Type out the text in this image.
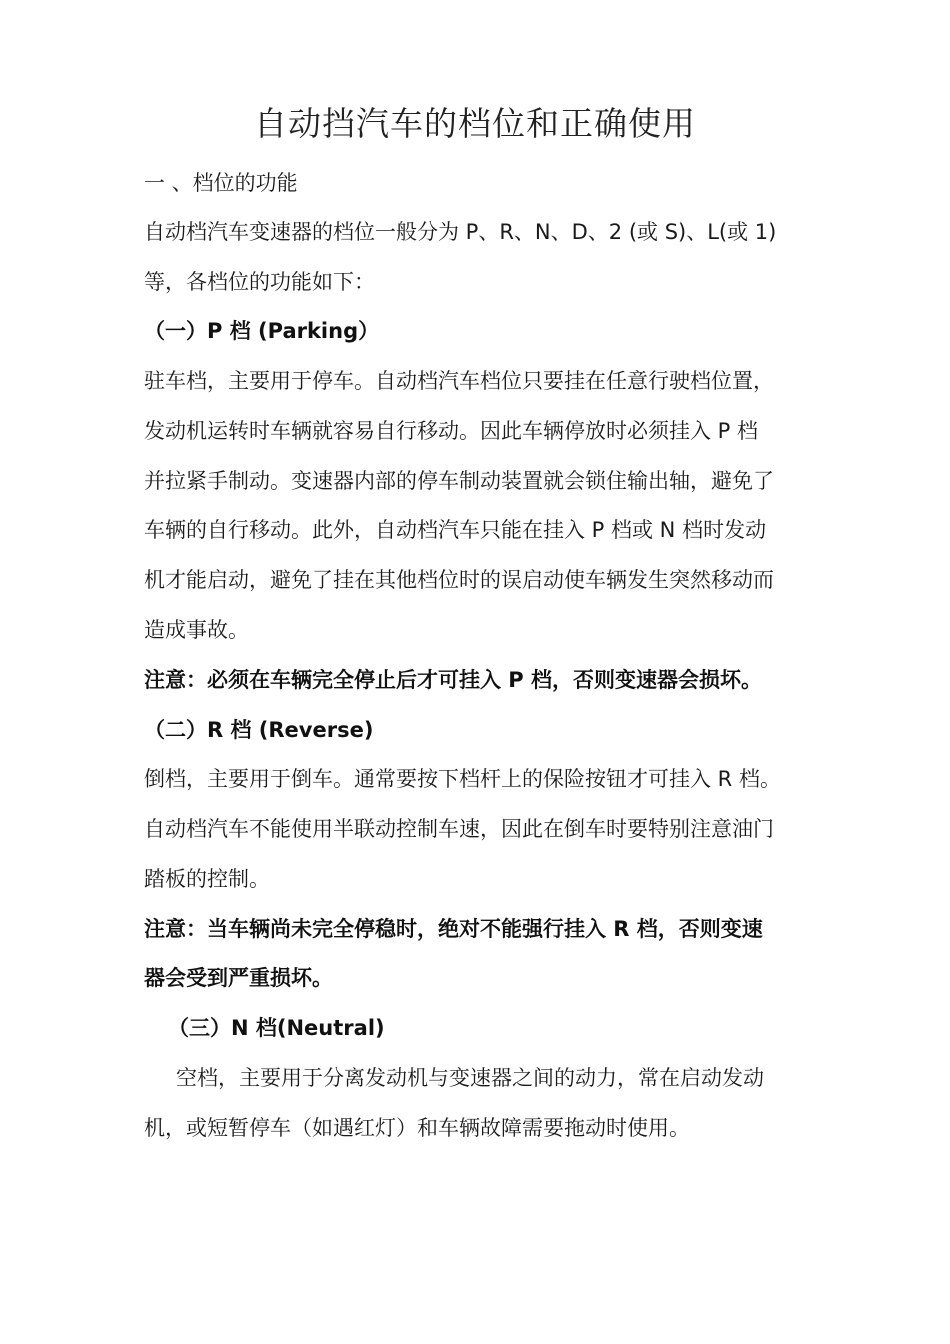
自动挡汽车的档位和正确使用
一 、档位的功能
自动档汽车变速器的档位一般分为 P、R、N、D、2 (或 S)、L(或 1)
等，各档位的功能如下：
（一）P 档 (Parking）
驻车档，主要用于停车。自动档汽车档位只要挂在任意行驶档位置，
发动机运转时车辆就容易自行移动。因此车辆停放时必须挂入 P 档
并拉紧手制动。变速器内部的停车制动装置就会锁住输出轴，避免了
车辆的自行移动。此外，自动档汽车只能在挂入 P 档或 N 档时发动
机才能启动，避免了挂在其他档位时的误启动使车辆发生突然移动而
造成事故。
注意：必须在车辆完全停止后才可挂入 P 档，否则变速器会损坏。
（二）R 档 (Reverse)
倒档，主要用于倒车。通常要按下档杆上的保险按钮才可挂入 R 档。
自动档汽车不能使用半联动控制车速，因此在倒车时要特别注意油门
踏板的控制。
注意：当车辆尚未完全停稳时，绝对不能强行挂入 R 档，否则变速
器会受到严重损坏。
（三）N 档(Neutral)
空档，主要用于分离发动机与变速器之间的动力，常在启动发动
机，或短暂停车（如遇红灯）和车辆故障需要拖动时使用。
